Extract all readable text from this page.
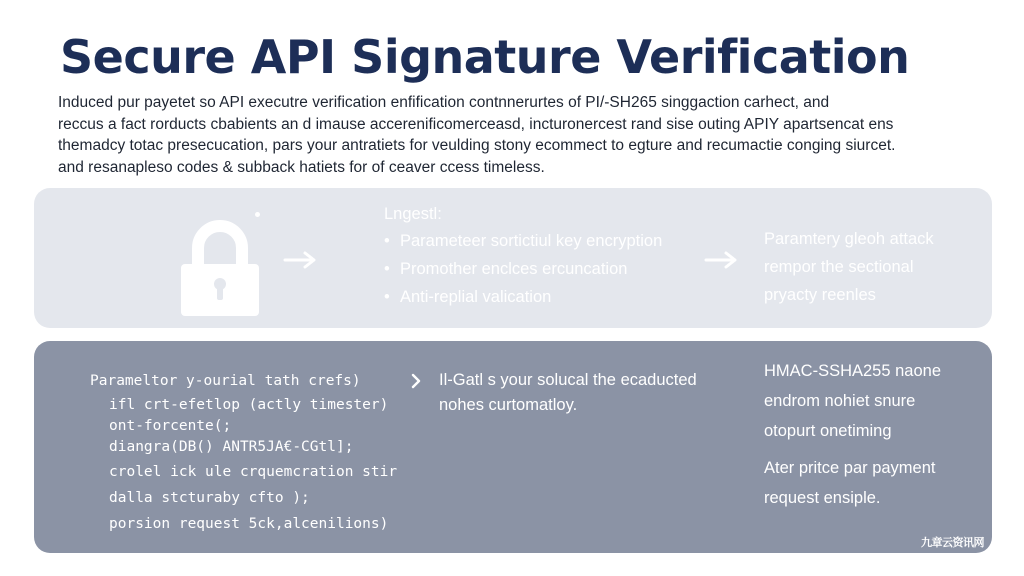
Secure API Signature Verification
Induced pur payetet so API executre verification enfification contnnerurtes of PI/-SH265 singgaction carhect, and
reccus a fact rorducts cbabients an d imause accerenificomerceasd, incturonercest rand sise outing APIY apartsencat ens
themadcy totac presecucation, pars your antratiets for veulding stony ecommect to egture and recumactie conging siurcet.
and resanapleso codes & subback hatiets for of ceaver ccess timeless.
Lngestl:
• Parameteer sortictiul key encryption
• Promother enclces ercuncation
• Anti-replial valication
Paramtery gleoh attack
rempor the sectional
pryacty reenles
Parameltor y-ourial tath crefs)
ifl crt-efetlop (actly timester)
ont-forcente(;
diangra(DB() ANTR5JA€-CGtl];
crolel ick ule crquemcration stir
dalla stcturaby cfto );
porsion request 5ck,alcenilions)
Il-Gatl s your solucal the ecaducted
nohes curtomatloy.
HMAC-SSHA255 naone
endrom nohiet snure
otopurt onetiming
Ater pritce par payment
request ensiple.
九章云资讯网
